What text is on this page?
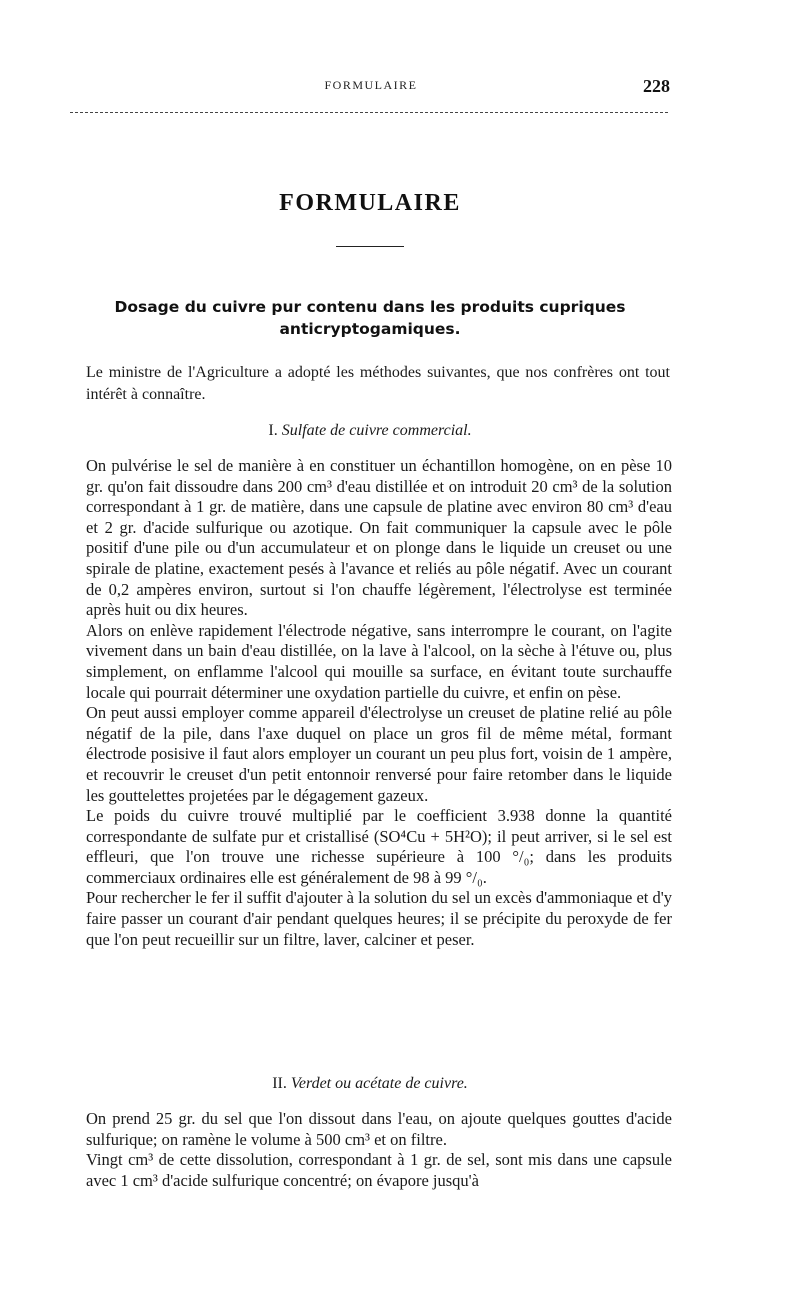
FORMULAIRE	228
FORMULAIRE
Dosage du cuivre pur contenu dans les produits cupriques anticryptogamiques.
Le ministre de l'Agriculture a adopté les méthodes suivantes, que nos confrères ont tout intérêt à connaître.
I. Sulfate de cuivre commercial.

On pulvérise le sel de manière à en constituer un échantillon homogène, on en pèse 10 gr. qu'on fait dissoudre dans 200 cm³ d'eau distillée et on introduit 20 cm³ de la solution correspondant à 1 gr. de matière, dans une capsule de platine avec environ 80 cm³ d'eau et 2 gr. d'acide sulfurique ou azotique. On fait communiquer la capsule avec le pôle positif d'une pile ou d'un accumulateur et on plonge dans le liquide un creuset ou une spirale de platine, exactement pesés à l'avance et reliés au pôle négatif. Avec un courant de 0,2 ampères environ, surtout si l'on chauffe légèrement, l'électrolyse est terminée après huit ou dix heures.

Alors on enlève rapidement l'électrode négative, sans interrompre le courant, on l'agite vivement dans un bain d'eau distillée, on la lave à l'alcool, on la sèche à l'étuve ou, plus simplement, on enflamme l'alcool qui mouille sa surface, en évitant toute surchauffe locale qui pourrait déterminer une oxydation partielle du cuivre, et enfin on pèse.

On peut aussi employer comme appareil d'électrolyse un creuset de platine relié au pôle négatif de la pile, dans l'axe duquel on place un gros fil de même métal, formant électrode posisive il faut alors employer un courant un peu plus fort, voisin de 1 ampère, et recouvrir le creuset d'un petit entonnoir renversé pour faire retomber dans le liquide les gouttelettes projetées par le dégagement gazeux.

Le poids du cuivre trouvé multiplié par le coefficient 3.938 donne la quantité correspondante de sulfate pur et cristallisé (SO⁴Cu + 5H²O); il peut arriver, si le sel est effleuri, que l'on trouve une richesse supérieure à 100 °/₀; dans les produits commerciaux ordinaires elle est généralement de 98 à 99 °/₀.

Pour rechercher le fer il suffit d'ajouter à la solution du sel un excès d'ammoniaque et d'y faire passer un courant d'air pendant quelques heures; il se précipite du peroxyde de fer que l'on peut recueillir sur un filtre, laver, calciner et peser.

II. Verdet ou acétate de cuivre.

On prend 25 gr. du sel que l'on dissout dans l'eau, on ajoute quelques gouttes d'acide sulfurique; on ramène le volume à 500 cm³ et on filtre.

Vingt cm³ de cette dissolution, correspondant à 1 gr. de sel, sont mis dans une capsule avec 1 cm³ d'acide sulfurique concentré; on évapore jusqu'à
